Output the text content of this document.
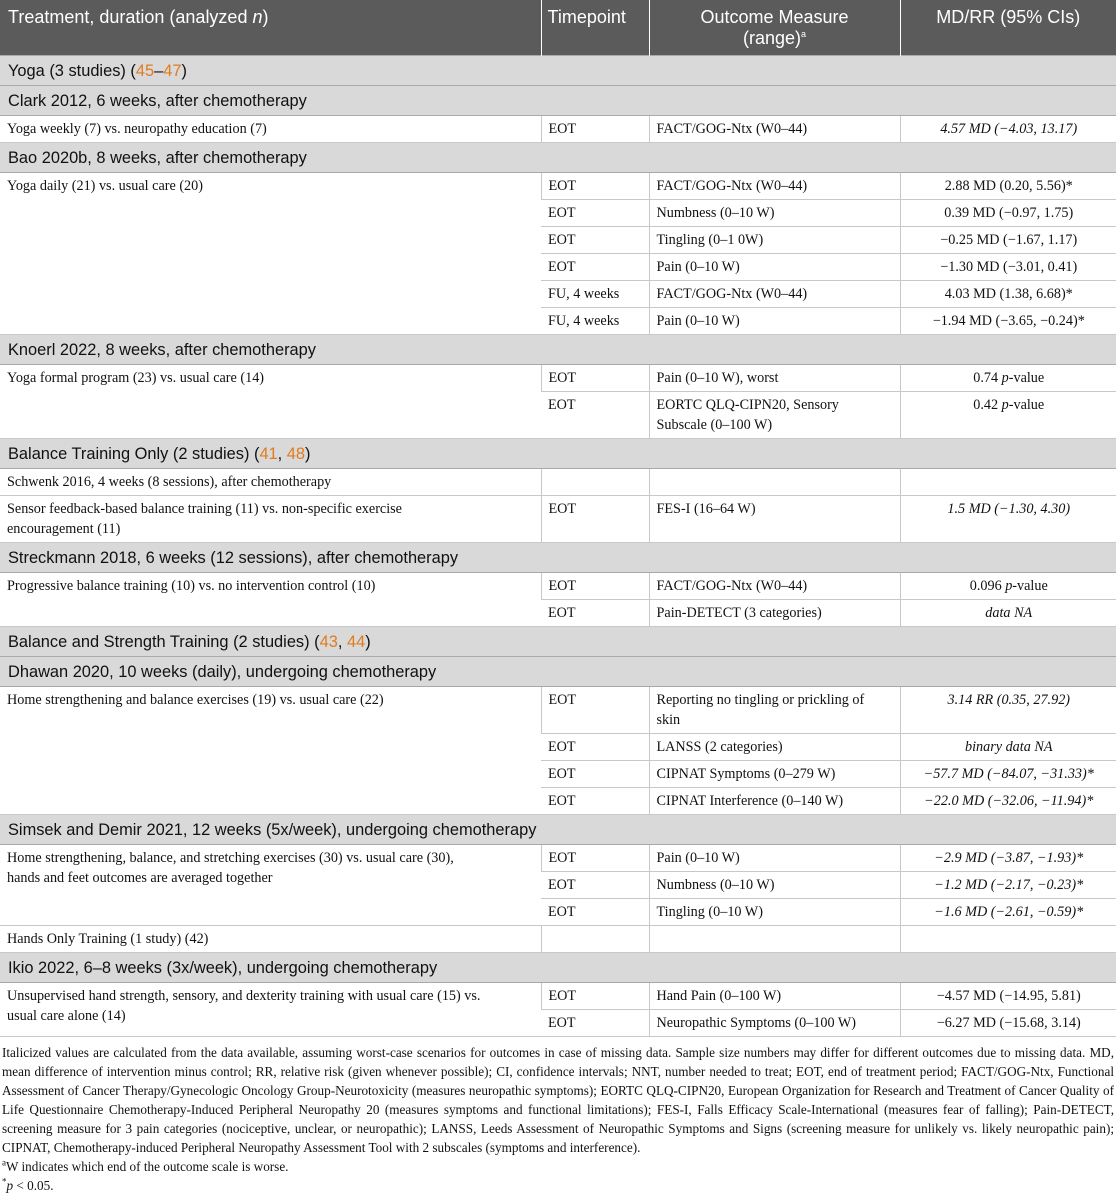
Treatment, duration (analyzed n)	Timepoint	Outcome Measure
(range)$^a$	MD/RR (95% CIs)
Yoga (3 studies) (45–47)			
Clark 2012, 6 weeks, after chemotherapy			
Yoga weekly (7) vs. neuropathy education (7)	EOT	FACT/GOG-Ntx (W0–44)	4.57 MD (−4.03, 13.17)
Bao 2020b, 8 weeks, after chemotherapy			
Yoga daily (21) vs. usual care (20)	EOT	FACT/GOG-Ntx (W0–44)	2.88 MD (0.20, 5.56)*
	EOT	Numbness (0–10 W)	0.39 MD (−0.97, 1.75)
	EOT	Tingling (0–1 0W)	−0.25 MD (−1.67, 1.17)
	EOT	Pain (0–10 W)	−1.30 MD (−3.01, 0.41)
	FU, 4 weeks	FACT/GOG-Ntx (W0–44)	4.03 MD (1.38, 6.68)*
	FU, 4 weeks	Pain (0–10 W)	−1.94 MD (−3.65, −0.24)*
Knoerl 2022, 8 weeks, after chemotherapy			
Yoga formal program (23) vs. usual care (14)	EOT	Pain (0–10 W), worst	0.74 p-value
	EOT	EORTC QLQ-CIPN20, Sensory
Subscale (0–100 W)	0.42 p-value
Balance Training Only (2 studies) (41, 48)			
Schwenk 2016, 4 weeks (8 sessions), after chemotherapy			
Sensor feedback-based balance training (11) vs. non-specific exercise
encouragement (11)	EOT	FES-I (16–64 W)	1.5 MD (−1.30, 4.30)
Streckmann 2018, 6 weeks (12 sessions), after chemotherapy			
Progressive balance training (10) vs. no intervention control (10)	EOT	FACT/GOG-Ntx (W0–44)	0.096 p-value
	EOT	Pain-DETECT (3 categories)	data NA
Balance and Strength Training (2 studies) (43, 44)			
Dhawan 2020, 10 weeks (daily), undergoing chemotherapy			
Home strengthening and balance exercises (19) vs. usual care (22)	EOT	Reporting no tingling or prickling of
skin	3.14 RR (0.35, 27.92)
	EOT	LANSS (2 categories)	binary data NA
	EOT	CIPNAT Symptoms (0–279 W)	−57.7 MD (−84.07, −31.33)*
	EOT	CIPNAT Interference (0–140 W)	−22.0 MD (−32.06, −11.94)*
Simsek and Demir 2021, 12 weeks (5x/week), undergoing chemotherapy			
Home strengthening, balance, and stretching exercises (30) vs. usual care (30),
hands and feet outcomes are averaged together	EOT	Pain (0–10 W)	−2.9 MD (−3.87, −1.93)*
	EOT	Numbness (0–10 W)	−1.2 MD (−2.17, −0.23)*
	EOT	Tingling (0–10 W)	−1.6 MD (−2.61, −0.59)*
Hands Only Training (1 study) (42)			
Ikio 2022, 6–8 weeks (3x/week), undergoing chemotherapy			
Unsupervised hand strength, sensory, and dexterity training with usual care (15) vs.
usual care alone (14)	EOT	Hand Pain (0–100 W)	−4.57 MD (−14.95, 5.81)
	EOT	Neuropathic Symptoms (0–100 W)	−6.27 MD (−15.68, 3.14)

Italicized values are calculated from the data available, assuming worst-case scenarios for outcomes in case of missing data. Sample size numbers may differ for different outcomes due to missing data. MD, mean difference of intervention minus control; RR, relative risk (given whenever possible); CI, confidence intervals; NNT, number needed to treat; EOT, end of treatment period; FACT/GOG-Ntx, Functional Assessment of Cancer Therapy/Gynecologic Oncology Group-Neurotoxicity (measures neuropathic symptoms); EORTC QLQ-CIPN20, European Organization for Research and Treatment of Cancer Quality of Life Questionnaire Chemotherapy-Induced Peripheral Neuropathy 20 (measures symptoms and functional limitations); FES-I, Falls Efficacy Scale-International (measures fear of falling); Pain-DETECT, screening measure for 3 pain categories (nociceptive, unclear, or neuropathic); LANSS, Leeds Assessment of Neuropathic Symptoms and Signs (screening measure for unlikely vs. likely neuropathic pain); CIPNAT, Chemotherapy-induced Peripheral Neuropathy Assessment Tool with 2 subscales (symptoms and interference).

$^a$W indicates which end of the outcome scale is worse.

*p < 0.05.
